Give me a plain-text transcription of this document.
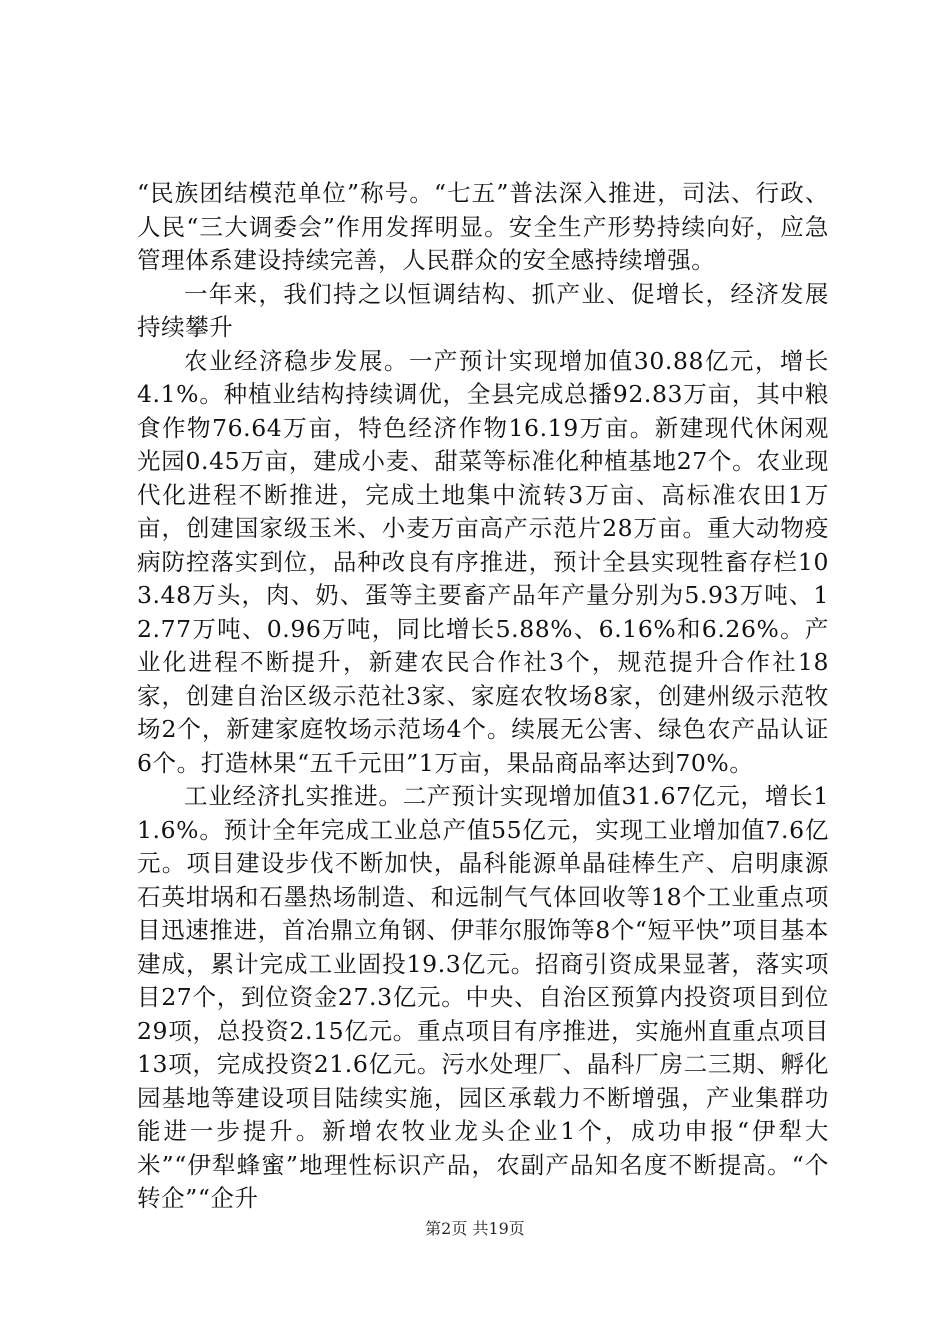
“民族团结模范单位”称号。“七五”普法深入推进，司法、行政、人民“三大调委会”作用发挥明显。安全生产形势持续向好，应急管理体系建设持续完善，人民群众的安全感持续增强。

一年来，我们持之以恒调结构、抓产业、促增长，经济发展持续攀升

农业经济稳步发展。一产预计实现增加值30.88亿元，增长4.1%。种植业结构持续调优，全县完成总播92.83万亩，其中粮食作物76.64万亩，特色经济作物16.19万亩。新建现代休闲观光园0.45万亩，建成小麦、甜菜等标准化种植基地27个。农业现代化进程不断推进，完成土地集中流转3万亩、高标准农田1万亩，创建国家级玉米、小麦万亩高产示范片28万亩。重大动物疫病防控落实到位，品种改良有序推进，预计全县实现牲畜存栏103.48万头，肉、奶、蛋等主要畜产品年产量分别为5.93万吨、12.77万吨、0.96万吨，同比增长5.88%、6.16%和6.26%。产业化进程不断提升，新建农民合作社3个，规范提升合作社18家，创建自治区级示范社3家、家庭农牧场8家，创建州级示范牧场2个，新建家庭牧场示范场4个。续展无公害、绿色农产品认证6个。打造林果“五千元田”1万亩，果品商品率达到70%。

工业经济扎实推进。二产预计实现增加值31.67亿元，增长11.6%。预计全年完成工业总产值55亿元，实现工业增加值7.6亿元。项目建设步伐不断加快，晶科能源单晶硅棒生产、启明康源石英坩埚和石墨热场制造、和远制气气体回收等18个工业重点项目迅速推进，首冶鼎立角钢、伊菲尔服饰等8个“短平快”项目基本建成，累计完成工业固投19.3亿元。招商引资成果显著，落实项目27个，到位资金27.3亿元。中央、自治区预算内投资项目到位29项，总投资2.15亿元。重点项目有序推进，实施州直重点项目13项，完成投资21.6亿元。污水处理厂、晶科厂房二三期、孵化园基地等建设项目陆续实施，园区承载力不断增强，产业集群功能进一步提升。新增农牧业龙头企业1个，成功申报“伊犁大米”“伊犁蜂蜜”地理性标识产品，农副产品知名度不断提高。“个转企”“企升

第2页 共19页
